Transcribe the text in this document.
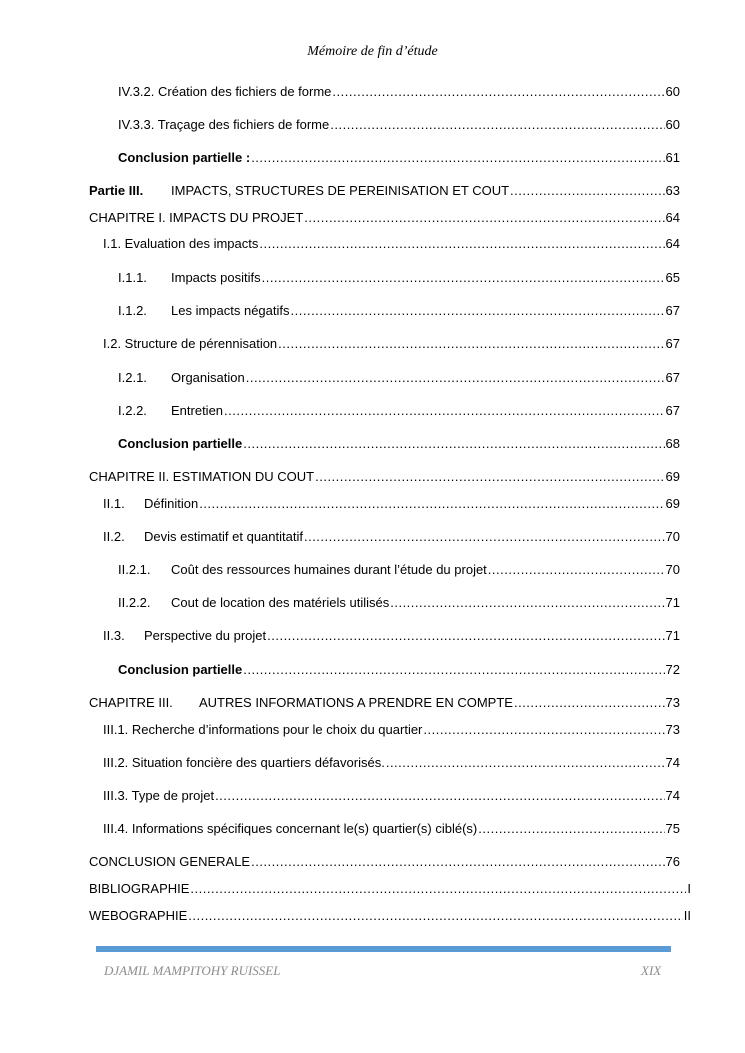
Mémoire de fin d’étude
IV.3.2. Création des fichiers de forme .....	60
IV.3.3. Traçage des fichiers de forme .....	60
Conclusion partielle : .....	61
Partie III.	IMPACTS, STRUCTURES DE PEREINISATION ET COUT .....	63
CHAPITRE I. IMPACTS DU PROJET .....	64
I.1. Evaluation des impacts .....	64
I.1.1.	Impacts positifs .....	65
I.1.2.	Les impacts négatifs .....	67
I.2. Structure de pérennisation .....	67
I.2.1.	Organisation .....	67
I.2.2.	Entretien .....	67
Conclusion partielle .....	68
CHAPITRE II. ESTIMATION DU COUT .....	69
II.1.	Définition .....	69
II.2.	Devis estimatif et quantitatif .....	70
II.2.1.	Coût des ressources humaines durant l’étude du projet .....	70
II.2.2.	Cout de location des matériels utilisés .....	71
II.3.	Perspective du projet .....	71
Conclusion partielle .....	72
CHAPITRE III.	AUTRES INFORMATIONS A PRENDRE EN COMPTE .....	73
III.1. Recherche d’informations pour le choix du quartier .....	73
III.2. Situation foncière des quartiers défavorisés. .....	74
III.3. Type de projet .....	74
III.4. Informations spécifiques concernant le(s) quartier(s) ciblé(s) .....	75
CONCLUSION GENERALE .....	76
BIBLIOGRAPHIE .....	I
WEBOGRAPHIE .....	II
DJAMIL MAMPITOHY RUISSEL	XIX
